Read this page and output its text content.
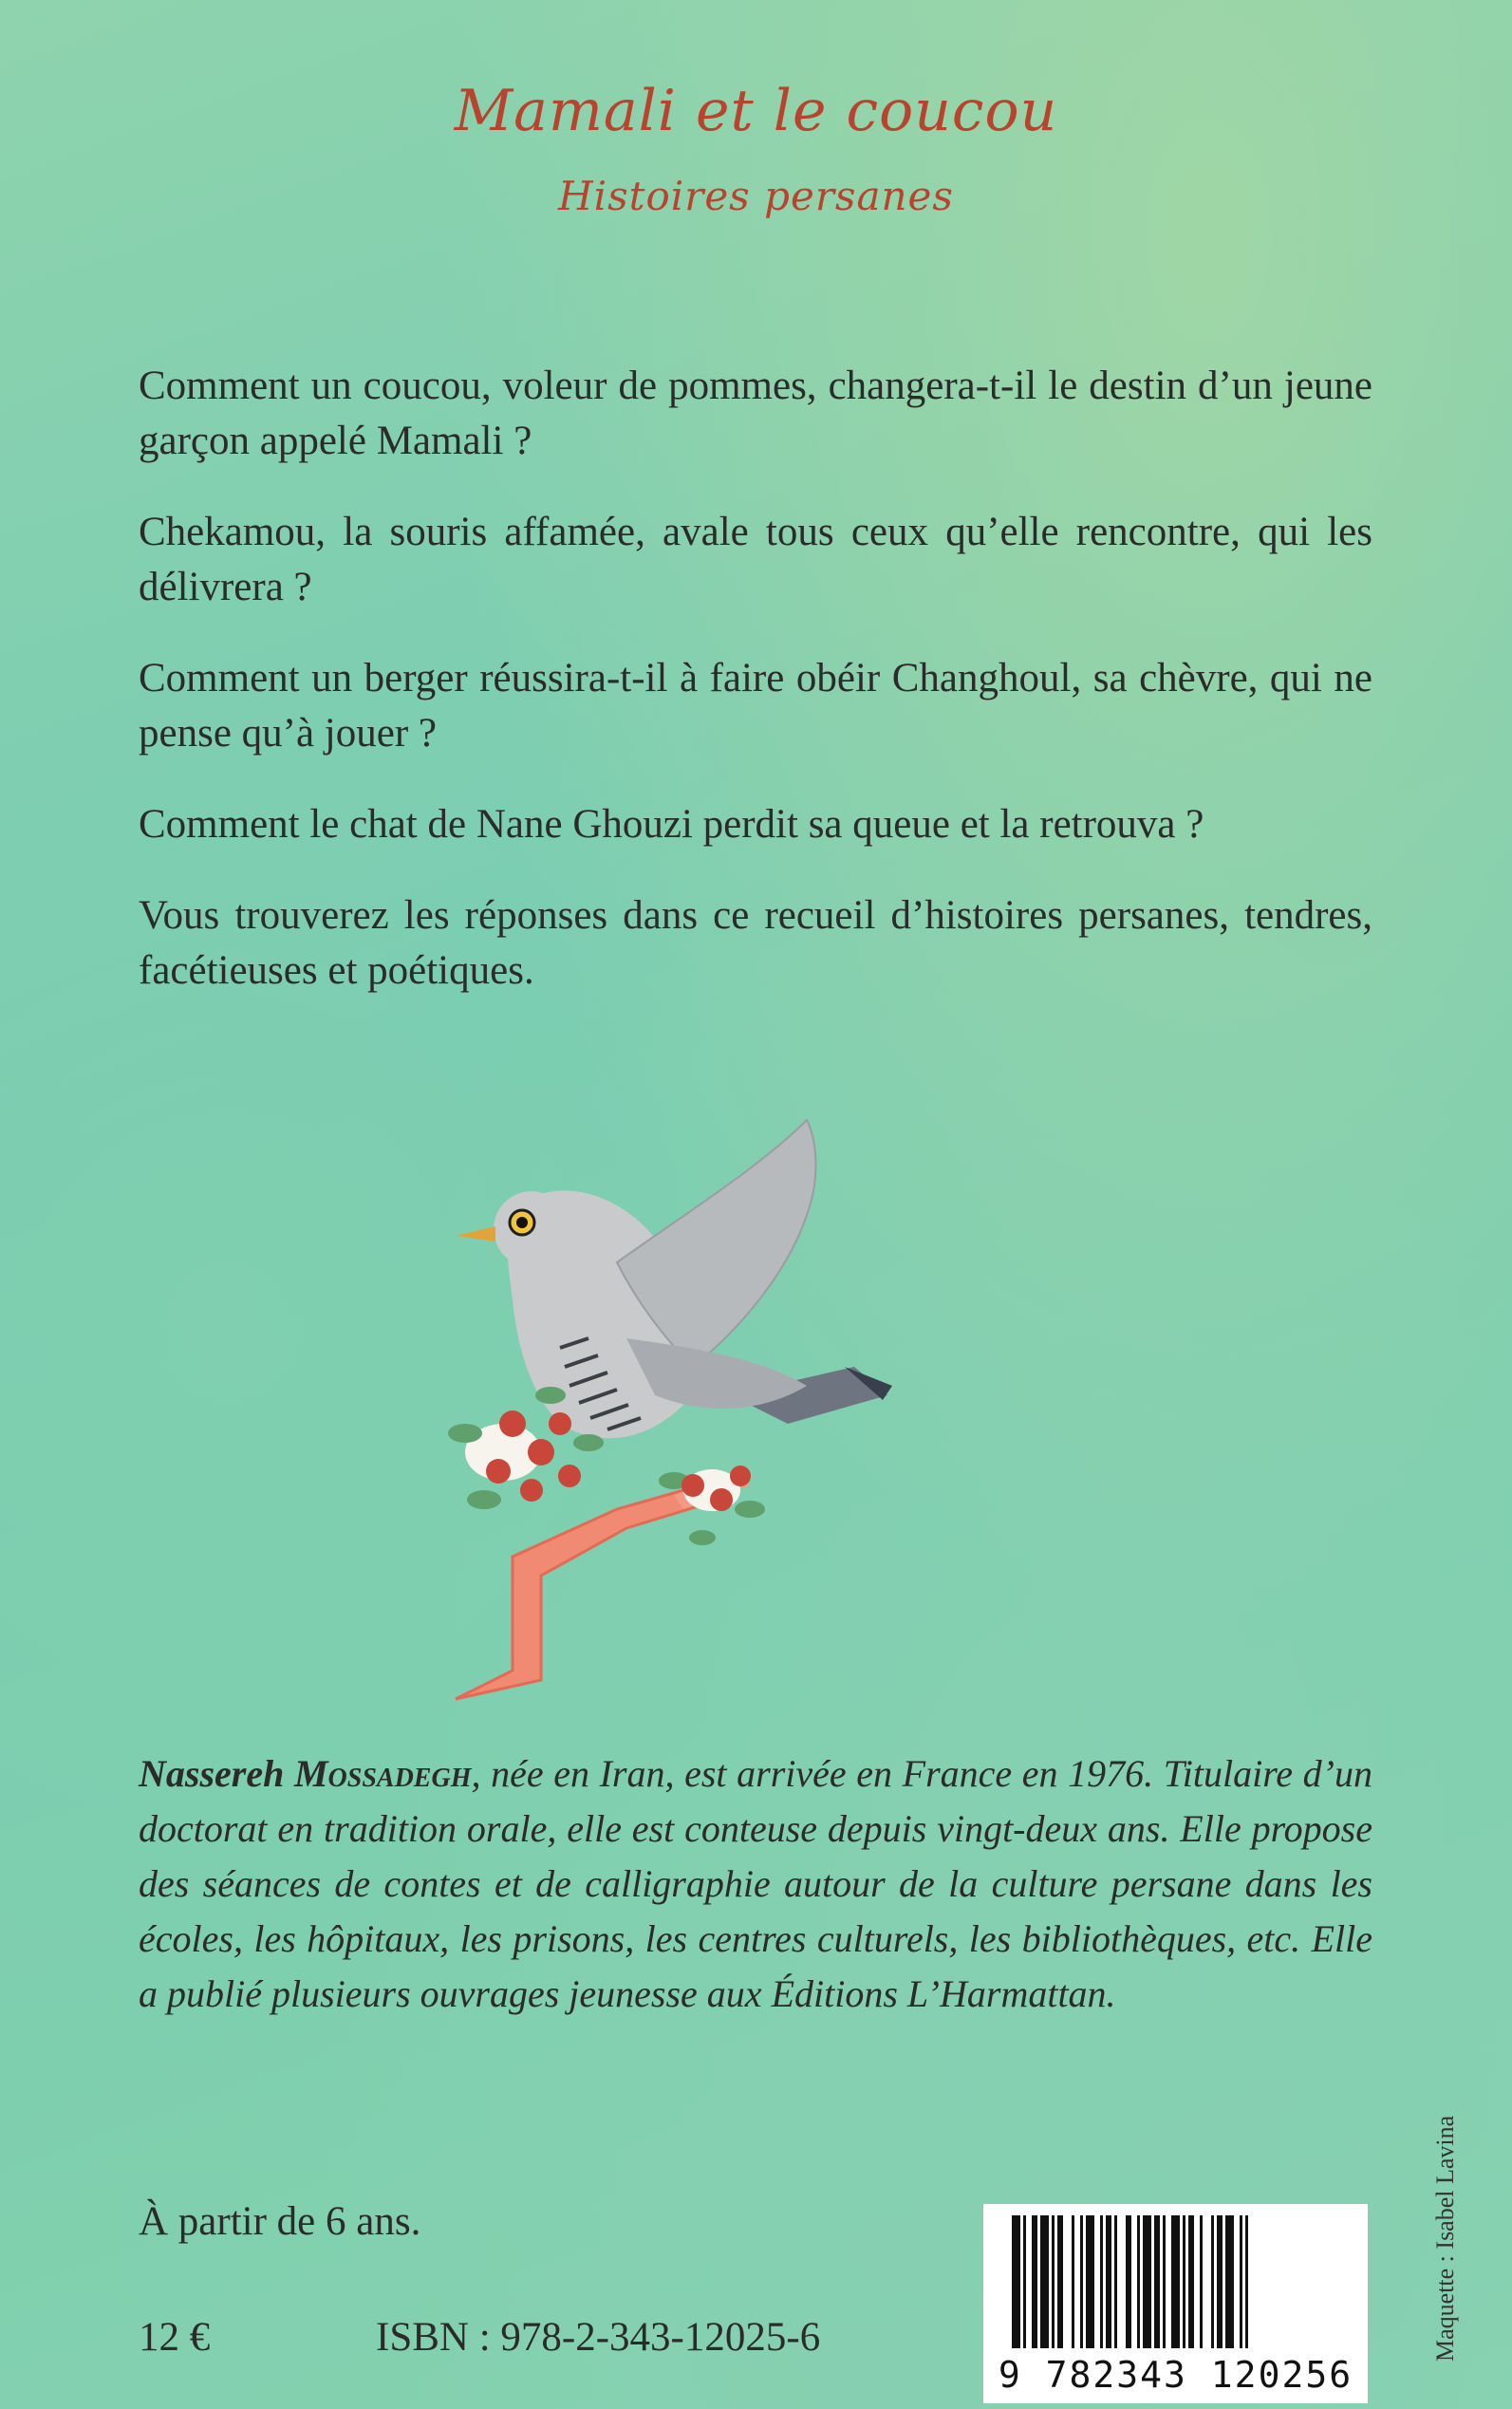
Mamali et le coucou
Histoires persanes

Comment un coucou, voleur de pommes, changera-t-il le destin d’un jeune garçon appelé Mamali ?

Chekamou, la souris affamée, avale tous ceux qu’elle rencontre, qui les délivrera ?

Comment un berger réussira-t-il à faire obéir Changhoul, sa chèvre, qui ne pense qu’à jouer ?

Comment le chat de Nane Ghouzi perdit sa queue et la retrouva ?

Vous trouverez les réponses dans ce recueil d’histoires persanes, tendres, facétieuses et poétiques.

Nassereh Mossadegh, née en Iran, est arrivée en France en 1976. Titulaire d’un doctorat en tradition orale, elle est conteuse depuis vingt-deux ans. Elle propose des séances de contes et de calligraphie autour de la culture persane dans les écoles, les hôpitaux, les prisons, les centres culturels, les bibliothèques, etc. Elle a publié plusieurs ouvrages jeunesse aux Éditions L’Harmattan.
À partir de 6 ans.
12 €	ISBN : 978-2-343-12025-6
9 782343 120256
Maquette : Isabel Lavina
